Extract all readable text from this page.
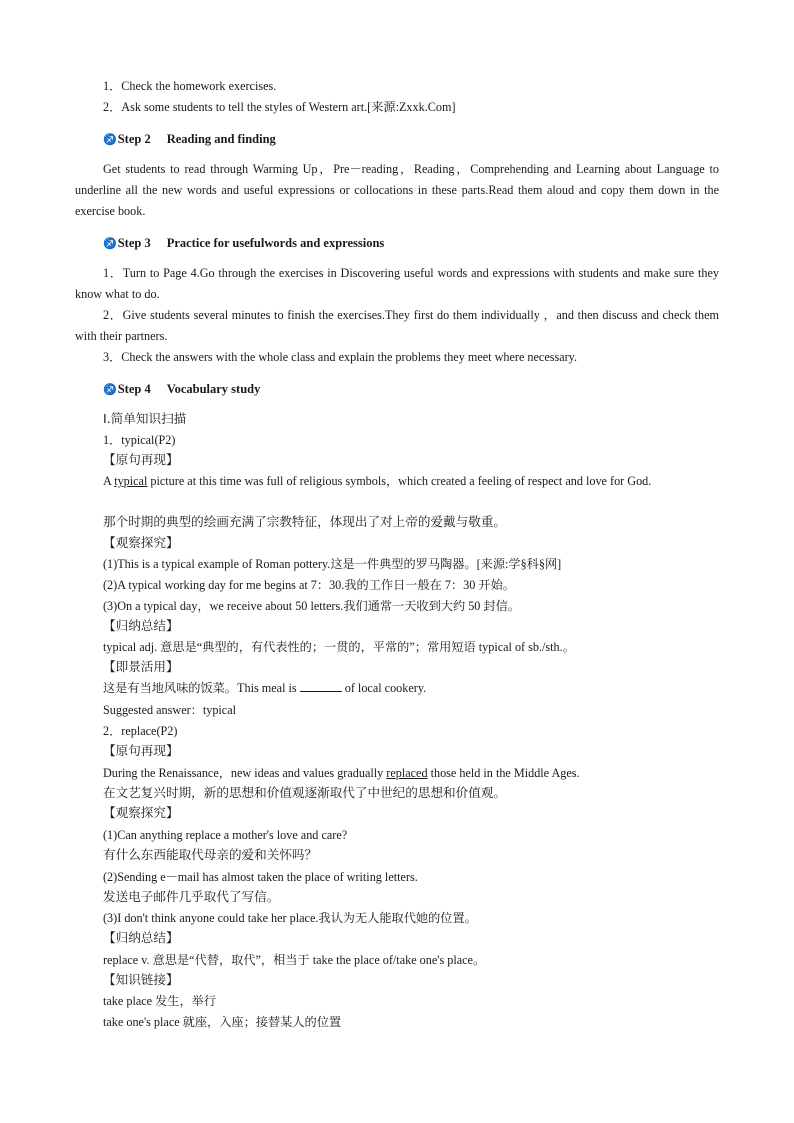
1．Check the homework exercises.
2．Ask some students to tell the styles of Western art.[来源:Zxxk.Com]
♐Step 2 Reading and finding
Get students to read through Warming Up，Pre－reading，Reading，Comprehending and Learning about Language to underline all the new words and useful expressions or collocations in these parts.Read them aloud and copy them down in the exercise book.
♐Step 3 Practice for usefulwords and expressions
1．Turn to Page 4.Go through the exercises in Discovering useful words and expressions with students and make sure they know what to do.
2．Give students several minutes to finish the exercises.They first do them individually ，and then discuss and check them with their partners.
3．Check the answers with the whole class and explain the problems they meet where necessary.
♐Step 4 Vocabulary study
Ⅰ.简单知识扫描
1．typical(P2)
【原句再现】
A typical picture at this time was full of religious symbols，which created a feeling of respect and love for God.
那个时期的典型的绘画充满了宗教特征，体现出了对上帝的爱戴与敬重。
【观察探究】
(1)This is a typical example of Roman pottery.这是一件典型的罗马陶器。[来源:学§科§网]
(2)A typical working day for me begins at 7：30.我的工作日一般在 7：30 开始。
(3)On a typical day，we receive about 50 letters.我们通常一天收到大约 50 封信。
【归纳总结】
typical adj. 意思是“典型的，有代表性的；一贯的，平常的”；常用短语 typical of sb./sth.。
【即景活用】
这是有当地风味的饭菜。This meal is	of local cookery.
Suggested answer：typical
2．replace(P2)
【原句再现】
During the Renaissance，new ideas and values gradually replaced those held in the Middle Ages.
在文艺复兴时期，新的思想和价值观逐渐取代了中世纪的思想和价值观。
【观察探究】
(1)Can anything replace a mother's love and care?
有什么东西能取代母亲的爱和关怀吗？
(2)Sending e－mail has almost taken the place of writing letters.
发送电子邮件几乎取代了写信。
(3)I don't think anyone could take her place.我认为无人能取代她的位置。
【归纳总结】
replace v. 意思是“代替，取代”，相当于 take the place of/take one's place。
【知识链接】
take place 发生，举行
take one's place 就座，入座；接替某人的位置
